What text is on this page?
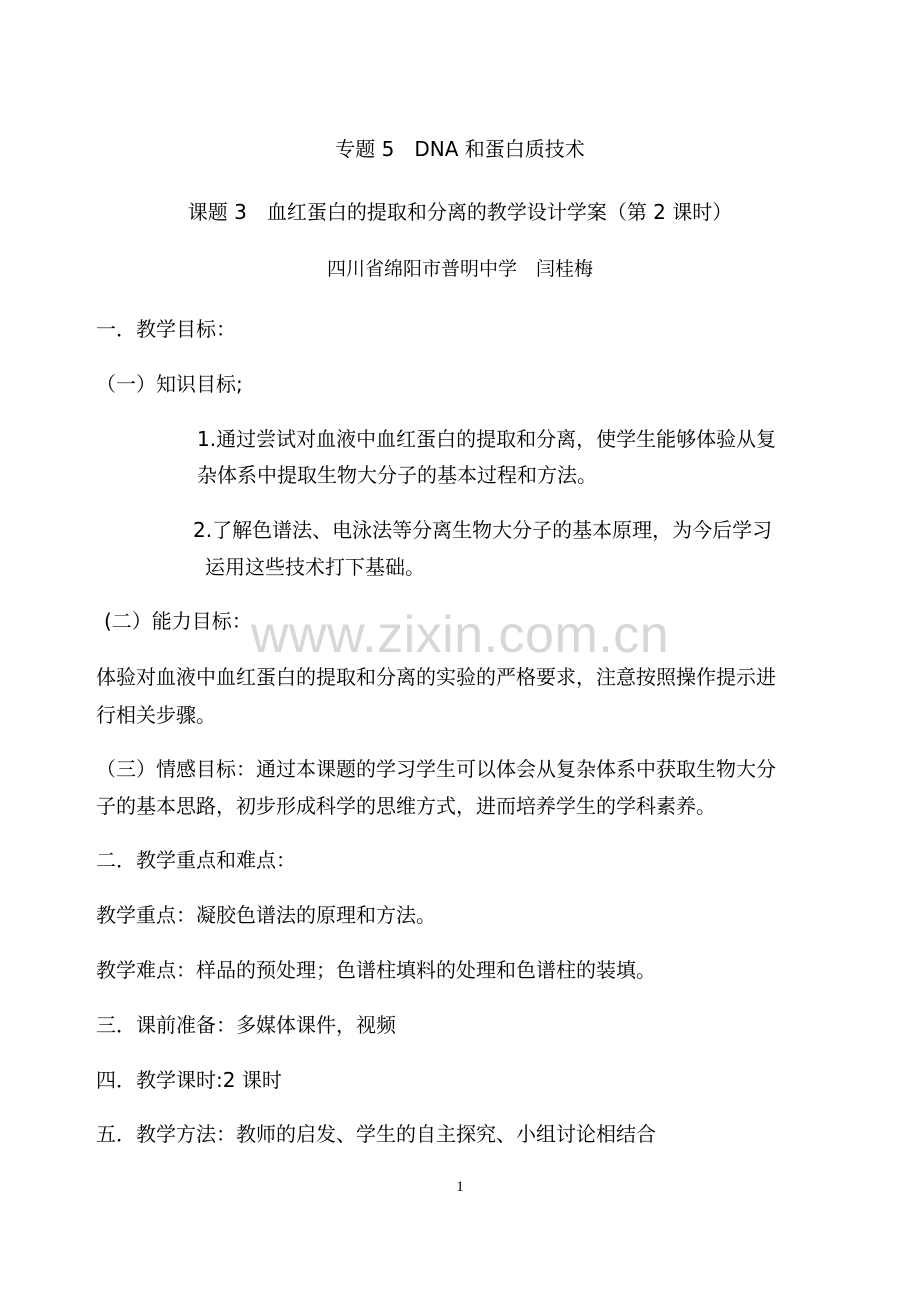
专题 5　DNA 和蛋白质技术
课题 3　血红蛋白的提取和分离的教学设计学案（第 2 课时）
四川省绵阳市普明中学　闫桂梅
一．教学目标：
（一）知识目标;
1.通过尝试对血液中血红蛋白的提取和分离，使学生能够体验从复
杂体系中提取生物大分子的基本过程和方法。
2.了解色谱法、电泳法等分离生物大分子的基本原理，为今后学习
运用这些技术打下基础。
(二）能力目标：
体验对血液中血红蛋白的提取和分离的实验的严格要求，注意按照操作提示进
行相关步骤。
（三）情感目标：通过本课题的学习学生可以体会从复杂体系中获取生物大分
子的基本思路，初步形成科学的思维方式，进而培养学生的学科素养。
二．教学重点和难点：
教学重点：凝胶色谱法的原理和方法。
教学难点：样品的预处理；色谱柱填料的处理和色谱柱的装填。
三．课前准备：多媒体课件，视频
四．教学课时:2 课时
五．教学方法：教师的启发、学生的自主探究、小组讨论相结合
www.zixin.com.cn
1
